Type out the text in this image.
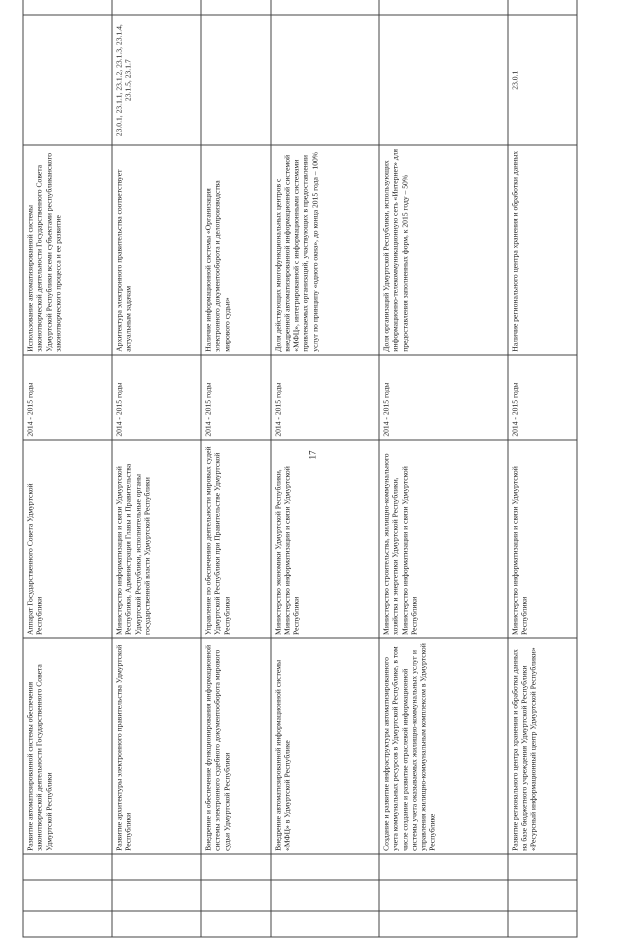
17
			Развитие автоматизированной системы обеспечения законотворческой деятельности Государственного Совета Удмуртской Республики	Аппарат Государственного Совета Удмуртской Республики	2014 - 2015 годы	Использование автоматизированной системы законотворческой деятельности Государственного Совета Удмуртской Республики всеми субъектами республиканского законотворческого процесса и ее развитие		
			Развитие архитектуры электронного правительства Удмуртской Республики	Министерство информатизации и связи Удмуртской Республики, Администрация Главы и Правительства Удмуртской Республики, исполнительные органы государственной власти Удмуртской Республики	2014 - 2015 годы	Архитектура электронного правительства соответствует актуальным задачам	23.0.1, 23.1.1, 23.1.2, 23.1.3, 23.1.4, 23.1.5, 23.1.7	
			Внедрение и обеспечение функционирования информационной системы электронного судебного документооборота мирового судьи Удмуртской Республики	Управление по обеспечению деятельности мировых судей Удмуртской Республики при Правительстве Удмуртской Республики	2014 - 2015 годы	Наличие информационной системы «Организация электронного документооборота и делопроизводства мирового судьи»		
			Внедрение автоматизированной информационной системы «МФЦ» в Удмуртской Республике	Министерство экономики Удмуртской Республики, Министерство информатизации и связи Удмуртской Республики	2014 - 2015 годы	Доля действующих многофункциональных центров с внедренной автоматизированной информационной системой «МФЦ», интегрированной с информационными системами привлекаемых организаций, участвующих в предоставлении услуг по принципу «одного окна», до конца 2015 года – 100%		
			Создание и развитие инфраструктуры автоматизированного учета коммунальных ресурсов в Удмуртской Республике, в том числе создание и развитие отраслевой информационной системы учета оказываемых жилищно-коммунальных услуг и управления жилищно-коммунальным комплексом в Удмуртской Республике	Министерство строительства, жилищно-коммунального хозяйства и энергетики Удмуртской Республики, Министерство информатизации и связи Удмуртской Республики	2014 - 2015 годы	Доля организаций Удмуртской Республики, использующих информационно-телекоммуникационную сеть «Интернет» для предоставления заполненных форм, к 2015 году – 50%		
			Развитие регионального центра хранения и обработки данных на базе бюджетного учреждения Удмуртской Республики «Ресурсный информационный центр Удмуртской Республики»	Министерство информатизации и связи Удмуртской Республики	2014 - 2015 годы	Наличие регионального центра хранения и обработки данных	23.0.1	
